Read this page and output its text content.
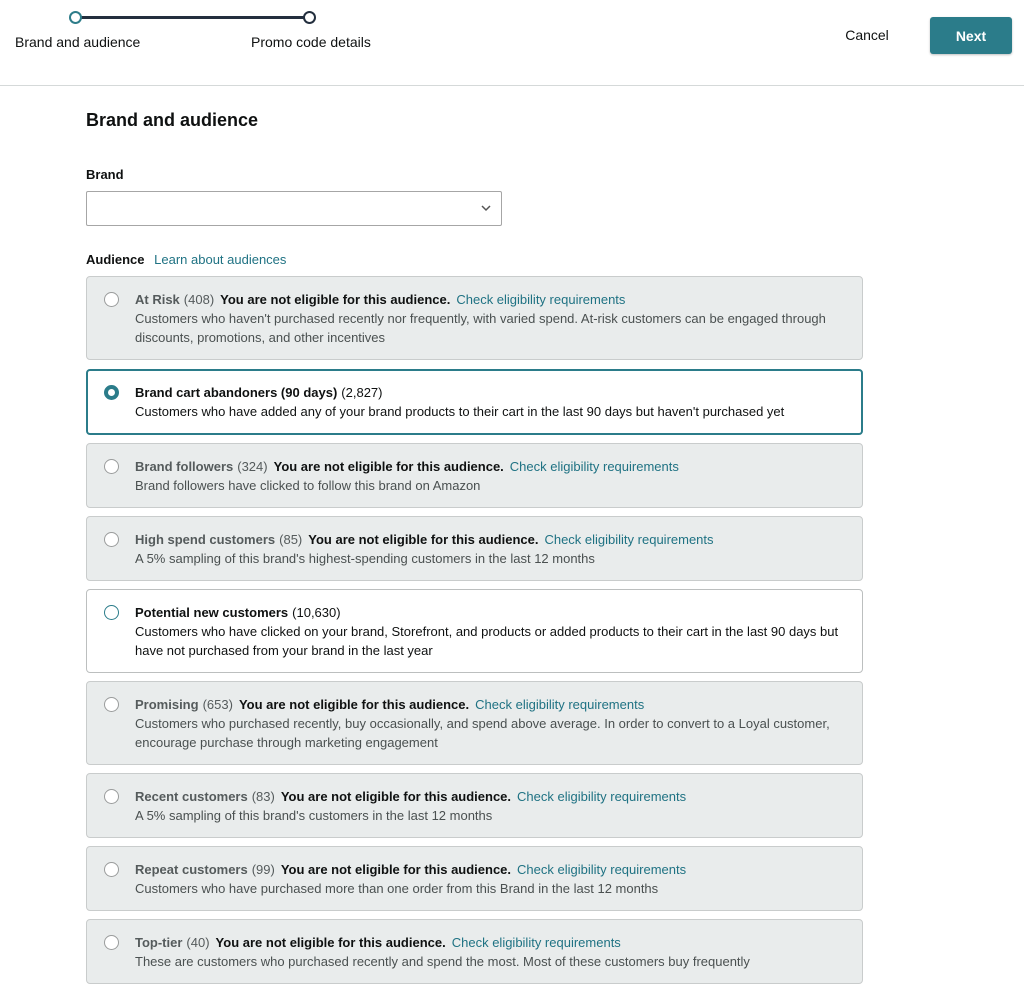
Brand and audience	Promo code details	Cancel	Next
Brand and audience
Brand
Audience Learn about audiences
At Risk (408) You are not eligible for this audience. Check eligibility requirements
Customers who haven't purchased recently nor frequently, with varied spend. At-risk customers can be engaged through discounts, promotions, and other incentives
Brand cart abandoners (90 days) (2,827)
Customers who have added any of your brand products to their cart in the last 90 days but haven't purchased yet
Brand followers (324) You are not eligible for this audience. Check eligibility requirements
Brand followers have clicked to follow this brand on Amazon
High spend customers (85) You are not eligible for this audience. Check eligibility requirements
A 5% sampling of this brand's highest-spending customers in the last 12 months
Potential new customers (10,630)
Customers who have clicked on your brand, Storefront, and products or added products to their cart in the last 90 days but have not purchased from your brand in the last year
Promising (653) You are not eligible for this audience. Check eligibility requirements
Customers who purchased recently, buy occasionally, and spend above average. In order to convert to a Loyal customer, encourage purchase through marketing engagement
Recent customers (83) You are not eligible for this audience. Check eligibility requirements
A 5% sampling of this brand's customers in the last 12 months
Repeat customers (99) You are not eligible for this audience. Check eligibility requirements
Customers who have purchased more than one order from this Brand in the last 12 months
Top-tier (40) You are not eligible for this audience. Check eligibility requirements
These are customers who purchased recently and spend the most. Most of these customers buy frequently
